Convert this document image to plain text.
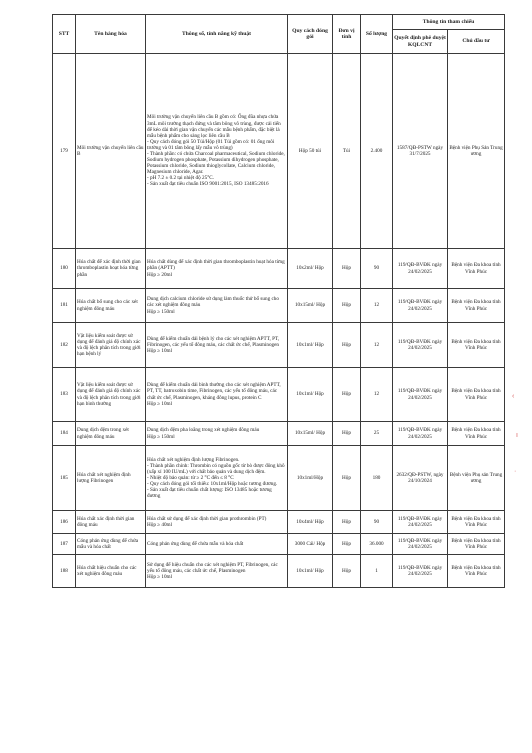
STT	Tên hàng hóa	Thông số, tính năng kỹ thuật	Quy cách đóng gói	Đơn vị tính	Số lượng	Thông tin tham chiếu	
						Quyết định phê duyệt KQLCNT	Chủ đầu tư
179	Môi trường vận chuyển liên cầu B	Môi trường vận chuyển liên cầu B gồm có: Ống đũa nhựa chứa 3mL môi trường thạch đứng và tăm bông vô trùng, được cải tiến để kéo dài thời gian vận chuyển các mẫu bệnh phẩm, đặc biệt là mẫu bệnh phẩm cho sàng lọc liên cầu B
- Quy cách đóng gói 50 Túi/Hộp (01 Túi gồm có: 01 ống môi trường và 01 tăm bông lấy mẫu vô trùng)
- Thành phần: có chứa Charcoal pharmaceutical, Sodium chloride, Sodium hydrogen phosphate, Potassium dihydrogen phosphate, Potassium chloride, Sodium thioglycollate, Calcium chloride, Magnesium chloride, Agar.
- pH 7.2 ± 0.2 tại nhiệt độ 25°C.
- Sản xuất đạt tiêu chuẩn ISO 9001:2015, ISO 13485:2016	Hộp 50 túi	Túi	2.400	1587/QĐ-PSTW ngày 31/7/2025	Bệnh viện Phụ Sản Trung ương
180	Hóa chất để xác định thời gian thromboplastin hoạt hóa từng phần	Hóa chất dùng để xác định thời gian thromboplastin hoạt hóa từng phần (APTT)
Hộp ≥ 20ml	10x2ml/ Hộp	Hộp	90	119/QĐ-BVĐK ngày 24/02/2025	Bệnh viện Đa khoa tỉnh Vĩnh Phúc
181	Hóa chất bổ sung cho các xét nghiệm đông máu	Dung dịch calcium chloride sử dụng làm thuốc thử bổ sung cho các xét nghiệm đông máu
Hộp ≥ 150ml	10x15ml/ Hộp	Hộp	12	119/QĐ-BVĐK ngày 24/02/2025	Bệnh viện Đa khoa tỉnh Vĩnh Phúc
182	Vật liệu kiểm soát được sử dụng để đánh giá độ chính xác và độ lệch phân tích trong giới hạn bệnh lý	Dùng để kiểm chuẩn dải bệnh lý cho các xét nghiệm APTT, PT, Fibrinogen, các yếu tố đông máu, các chất ức chế, Plasminogen
Hộp ≥ 10ml	10x1ml/ Hộp	Hộp	12	119/QĐ-BVĐK ngày 24/02/2025	Bệnh viện Đa khoa tỉnh Vĩnh Phúc
183	Vật liệu kiểm soát được sử dụng để đánh giá độ chính xác và độ lệch phân tích trong giới hạn bình thường	Dùng để kiểm chuẩn dải bình thường cho các xét nghiệm APTT, PT, TT, batroxobin time, Fibrinogen, các yếu tố đông máu, các chất ức chế, Plasminogen, kháng đông lupus, protein C
Hộp ≥ 10ml	10x1ml/ Hộp	Hộp	12	119/QĐ-BVĐK ngày 24/02/2025	Bệnh viện Đa khoa tỉnh Vĩnh Phúc
184	Dung dịch đệm trong xét nghiệm đông máu	Dung dịch đệm pha loãng trong xét nghiệm đông máu
Hộp ≥ 150ml	10x15ml/ Hộp	Hộp	25	119/QĐ-BVĐK ngày 24/02/2025	Bệnh viện Đa khoa tỉnh Vĩnh Phúc
185	Hóa chất xét nghiệm định lượng Fibrinogen	Hóa chất xét nghiệm định lượng Fibrinogen.
- Thành phần chính: Thrombin có nguồn gốc từ bò được đông khô (xấp xỉ 100 IU/mL) với chất bảo quản và dung dịch đệm.
- Nhiệt độ bảo quản: từ ≥ 2 °C đến ≤ 8 °C
- Quy cách đóng gói tối thiểu: 10x1ml/Hộp hoặc tương đương.
- Sản xuất đạt tiêu chuẩn chất lượng: ISO 13485 hoặc tương đương	10x1ml/Hộp	Hộp	180	2632/QĐ-PSTW, ngày 24/10/2024	Bệnh viện Phụ sản Trung ương
186	Hóa chất xác định thời gian đông máu	Hóa chất sử dụng để xác định thời gian prothrombin (PT)
Hộp ≥ 40ml	10x4ml/ Hộp	Hộp	90	119/QĐ-BVĐK ngày 24/02/2025	Bệnh viện Đa khoa tỉnh Vĩnh Phúc
187	Cóng phản ứng dùng để chứa mẫu và hóa chất	Cóng phản ứng dùng để chứa mẫu và hóa chất	3000 Cái/ Hộp	Hộp	36.000	119/QĐ-BVĐK ngày 24/02/2025	Bệnh viện Đa khoa tỉnh Vĩnh Phúc
188	Hóa chất hiệu chuẩn cho các xét nghiệm đông máu	Sử dụng để hiệu chuẩn cho các xét nghiệm PT, Fibrinogen, các yếu tố đông máu, các chất ức chế, Plasminogen
Hộp ≥ 10ml	10x1ml/ Hộp	Hộp	1	119/QĐ-BVĐK ngày 24/02/2025	Bệnh viện Đa khoa tỉnh Vĩnh Phúc
‹
ı
·
